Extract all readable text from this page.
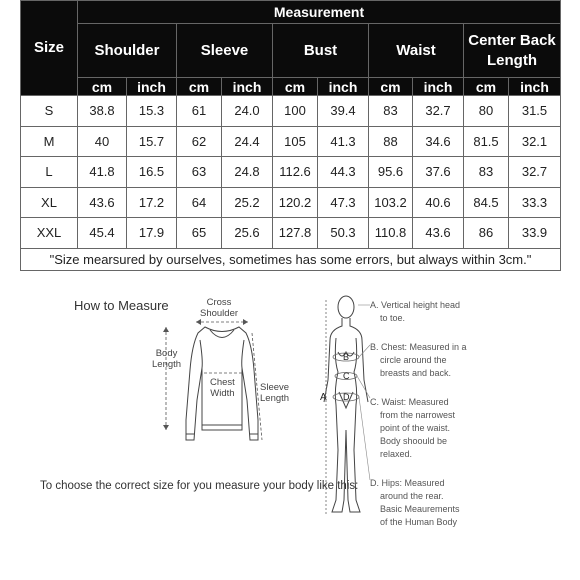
Size	Measurement									
	Shoulder		Sleeve		Bust		Waist		Center Back Length	
	cm	inch	cm	inch	cm	inch	cm	inch	cm	inch
S	38.8	15.3	61	24.0	100	39.4	83	32.7	80	31.5
M	40	15.7	62	24.4	105	41.3	88	34.6	81.5	32.1
L	41.8	16.5	63	24.8	112.6	44.3	95.6	37.6	83	32.7
XL	43.6	17.2	64	25.2	120.2	47.3	103.2	40.6	84.5	33.3
XXL	45.4	17.9	65	25.6	127.8	50.3	110.8	43.6	86	33.9
"Size mearsured by ourselves, sometimes has some errors, but always within 3cm."										
How to Measure	Cross
Shoulder
Body
Length
Chest
Width
Sleeve
Length
To choose the correct size for you measure your body like this:
A
B
C
D
A. Vertical height head
to toe.
B. Chest: Measured in a
circle around the
breasts and back.
C. Waist: Measured
from the narrowest
point of the waist.
Body shoould be
relaxed.
D. Hips: Measured
around the rear.
Basic Meaurements
of the Human Body
